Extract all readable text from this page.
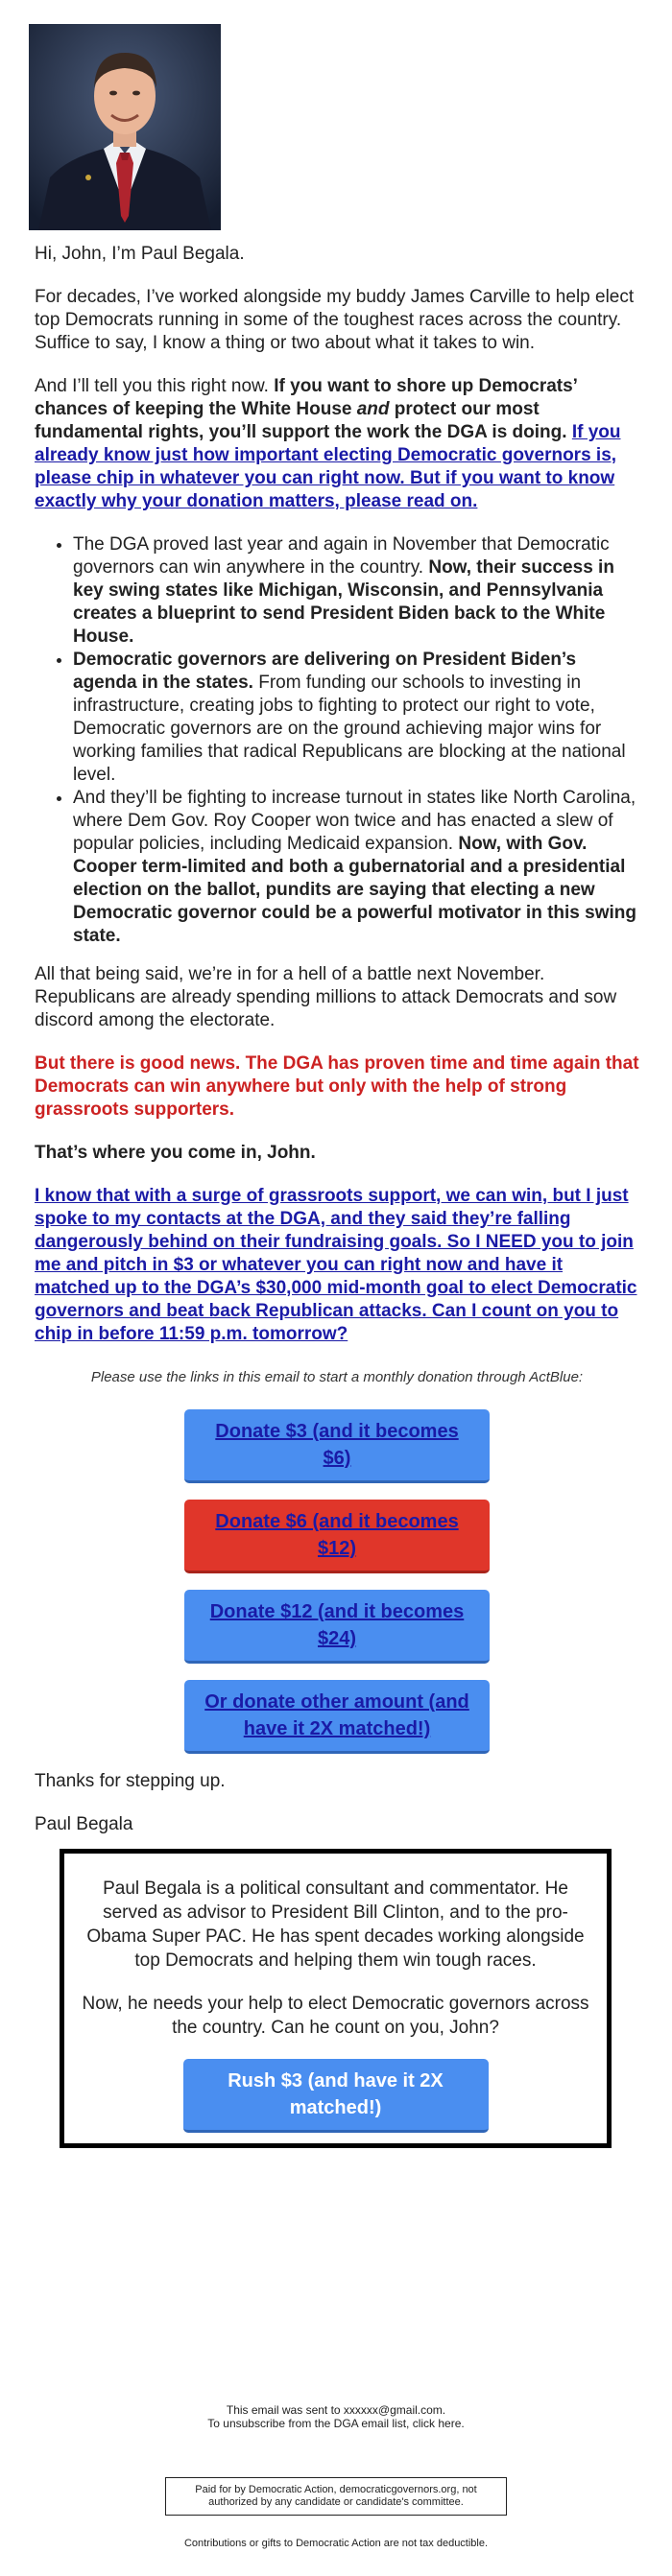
Hi, John, I’m Paul Begala.

For decades, I’ve worked alongside my buddy James Carville to help elect top Democrats running in some of the toughest races across the country. Suffice to say, I know a thing or two about what it takes to win.

And I’ll tell you this right now. If you want to shore up Democrats’ chances of keeping the White House and protect our most fundamental rights, you’ll support the work the DGA is doing. If you already know just how important electing Democratic governors is, please chip in whatever you can right now. But if you want to know exactly why your donation matters, please read on.

• The DGA proved last year and again in November that Democratic governors can win anywhere in the country. Now, their success in key swing states like Michigan, Wisconsin, and Pennsylvania creates a blueprint to send President Biden back to the White House.
• Democratic governors are delivering on President Biden’s agenda in the states. From funding our schools to investing in infrastructure, creating jobs to fighting to protect our right to vote, Democratic governors are on the ground achieving major wins for working families that radical Republicans are blocking at the national level.
• And they’ll be fighting to increase turnout in states like North Carolina, where Dem Gov. Roy Cooper won twice and has enacted a slew of popular policies, including Medicaid expansion. Now, with Gov. Cooper term-limited and both a gubernatorial and a presidential election on the ballot, pundits are saying that electing a new Democratic governor could be a powerful motivator in this swing state.

All that being said, we’re in for a hell of a battle next November. Republicans are already spending millions to attack Democrats and sow discord among the electorate.

But there is good news. The DGA has proven time and time again that Democrats can win anywhere but only with the help of strong grassroots supporters.

That’s where you come in, John.

I know that with a surge of grassroots support, we can win, but I just spoke to my contacts at the DGA, and they said they’re falling dangerously behind on their fundraising goals. So I NEED you to join me and pitch in $3 or whatever you can right now and have it matched up to the DGA’s $30,000 mid-month goal to elect Democratic governors and beat back Republican attacks. Can I count on you to chip in before 11:59 p.m. tomorrow?

Please use the links in this email to start a monthly donation through ActBlue:

Donate $3 (and it becomes $6)
Donate $6 (and it becomes $12)
Donate $12 (and it becomes $24)
Or donate other amount (and have it 2X matched!)

Thanks for stepping up.

Paul Begala

Paul Begala is a political consultant and commentator. He served as advisor to President Bill Clinton, and to the pro-Obama Super PAC. He has spent decades working alongside top Democrats and helping them win tough races.

Now, he needs your help to elect Democratic governors across the country. Can he count on you, John?

Rush $3 (and have it 2X matched!)
This email was sent to xxxxxx@gmail.com.
To unsubscribe from the DGA email list, click here.
Paid for by Democratic Action, democraticgovernors.org, not authorized by any candidate or candidate's committee.
Contributions or gifts to Democratic Action are not tax deductible.
